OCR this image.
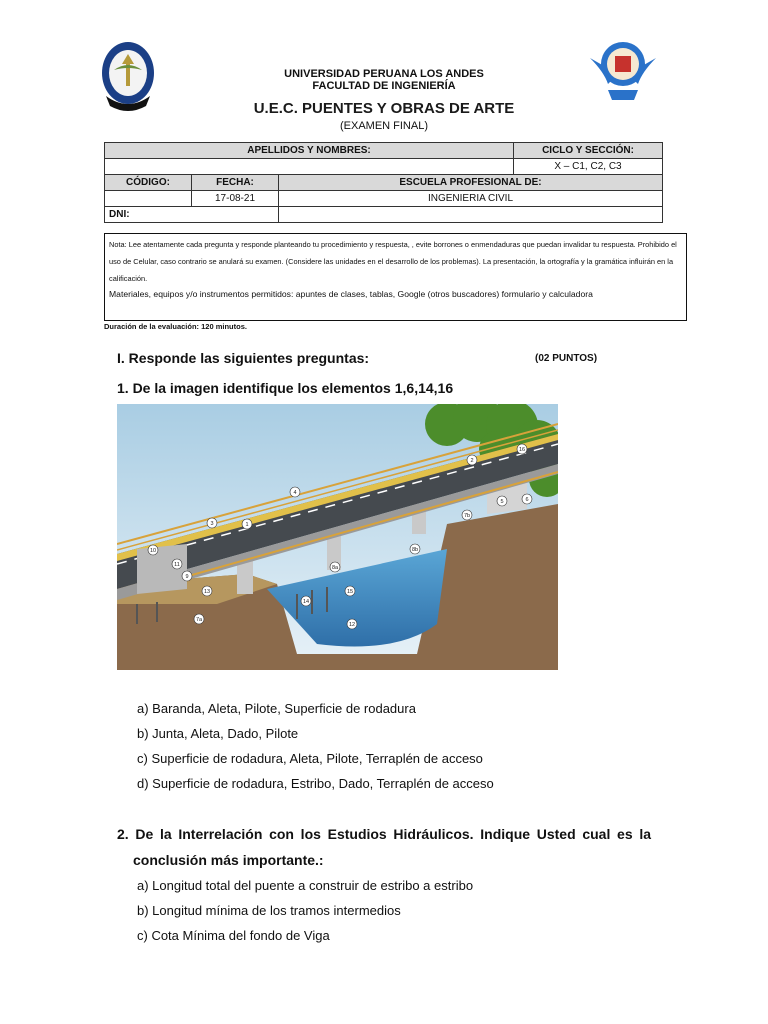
UNIVERSIDAD PERUANA LOS ANDES
FACULTAD DE INGENIERÍA
U.E.C. PUENTES Y OBRAS DE ARTE
(EXAMEN FINAL)
APELLIDOS Y NOMBRES:			CICLO Y SECCIÓN:
			X – C1, C2, C3
CÓDIGO:	FECHA:	ESCUELA PROFESIONAL DE:	
	17-08-21	INGENIERIA CIVIL	
DNI:			
Nota: Lee atentamente cada pregunta y responde planteando tu procedimiento y respuesta, , evite borrones o enmendaduras que puedan invalidar tu respuesta. Prohibido el uso de Celular, caso contrario se anulará su examen. (Considere las unidades en el desarrollo de los problemas). La presentación, la ortografía y la gramática influirán en la calificación.
Materiales, equipos y/o instrumentos permitidos: apuntes de clases, tablas, Google (otros buscadores) formulario y calculadora
Duración de la evaluación: 120 minutos.
I. Responde las siguientes preguntas:	(02 PUNTOS)
1. De la imagen identifique los elementos 1,6,14,16
1
2
3
4
5	6
7a
7b
8a
8b
9
10
11
12
13
14
15
16
a) Baranda, Aleta, Pilote, Superficie de rodadura
b) Junta, Aleta, Dado, Pilote
c) Superficie de rodadura, Aleta, Pilote, Terraplén de acceso
d) Superficie de rodadura, Estribo, Dado, Terraplén de acceso
2. De la Interrelación con los Estudios Hidráulicos. Indique Usted cual es la
conclusión más importante.:
a) Longitud total del puente a construir de estribo a estribo
b) Longitud mínima de los tramos intermedios
c) Cota Mínima del fondo de Viga
